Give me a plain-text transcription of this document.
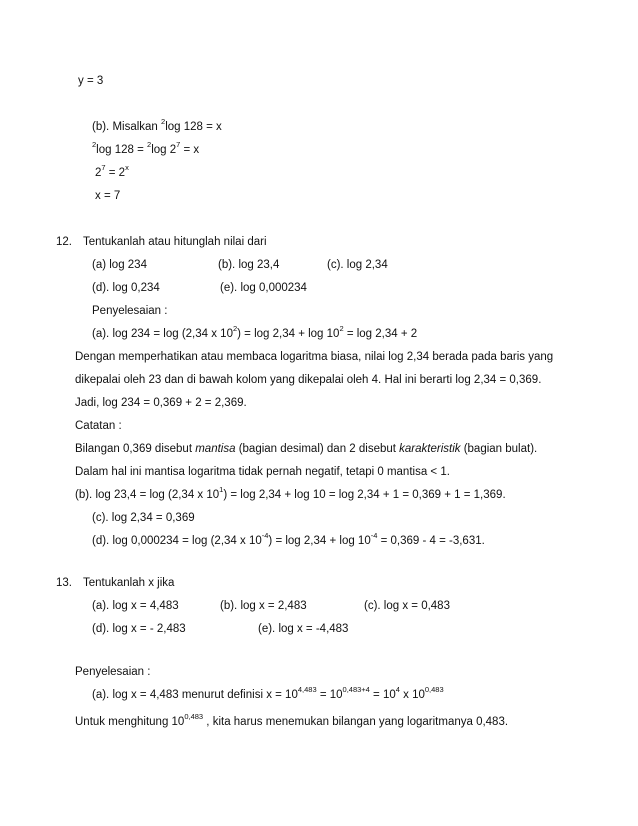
y = 3
(b). Misalkan $^2$log 128 = x
$^2$log 128 = $^2$log $2^7 = x$
$2^7 = 2^x$
x = 7
12. Tentukanlah atau hitunglah nilai dari
(a) log 234	(b). log 23,4	(c). log 2,34
(d). log 0,234	(e). log 0,000234
Penyelesaian :
(a). log 234 = log (2,34 x $10^2) = \log 2,34 + \log 10^2 = \log 2,34 + 2$
Dengan memperhatikan atau membaca logaritma biasa, nilai log 2,34 berada pada baris yang
dikepalai oleh 23 dan di bawah kolom yang dikepalai oleh 4. Hal ini berarti log 2,34 = 0,369.
Jadi, log 234 = 0,369 + 2 = 2,369.
Catatan :
Bilangan 0,369 disebut mantisa (bagian desimal) dan 2 disebut karakteristik (bagian bulat).
Dalam hal ini mantisa logaritma tidak pernah negatif, tetapi 0 mantisa < 1.
(b). log 23,4 = log (2,34 x $10^1) = \log 2,34 + \log 10 = \log 2,34 + 1 = 0,369 + 1 = 1,369$.
(c). log 2,34 = 0,369
(d). log 0,000234 = log (2,34 x $10^{-4}) = \log 2,34 + \log 10^{-4} = 0,369 - 4 = -3,631$.
13. Tentukanlah x jika
(a). log x = 4,483	(b). log x = 2,483	(c). log x = 0,483
(d). log x = - 2,483	(e). log x = -4,483
Penyelesaian :
(a). log x = 4,483 menurut definisi $x = 10^{4,483} = 10^{0,483+4} = 10^4$ x 10$^{0,483}$
Untuk menghitung 10$^{0,483}$ , kita harus menemukan bilangan yang logaritmanya 0,483.
